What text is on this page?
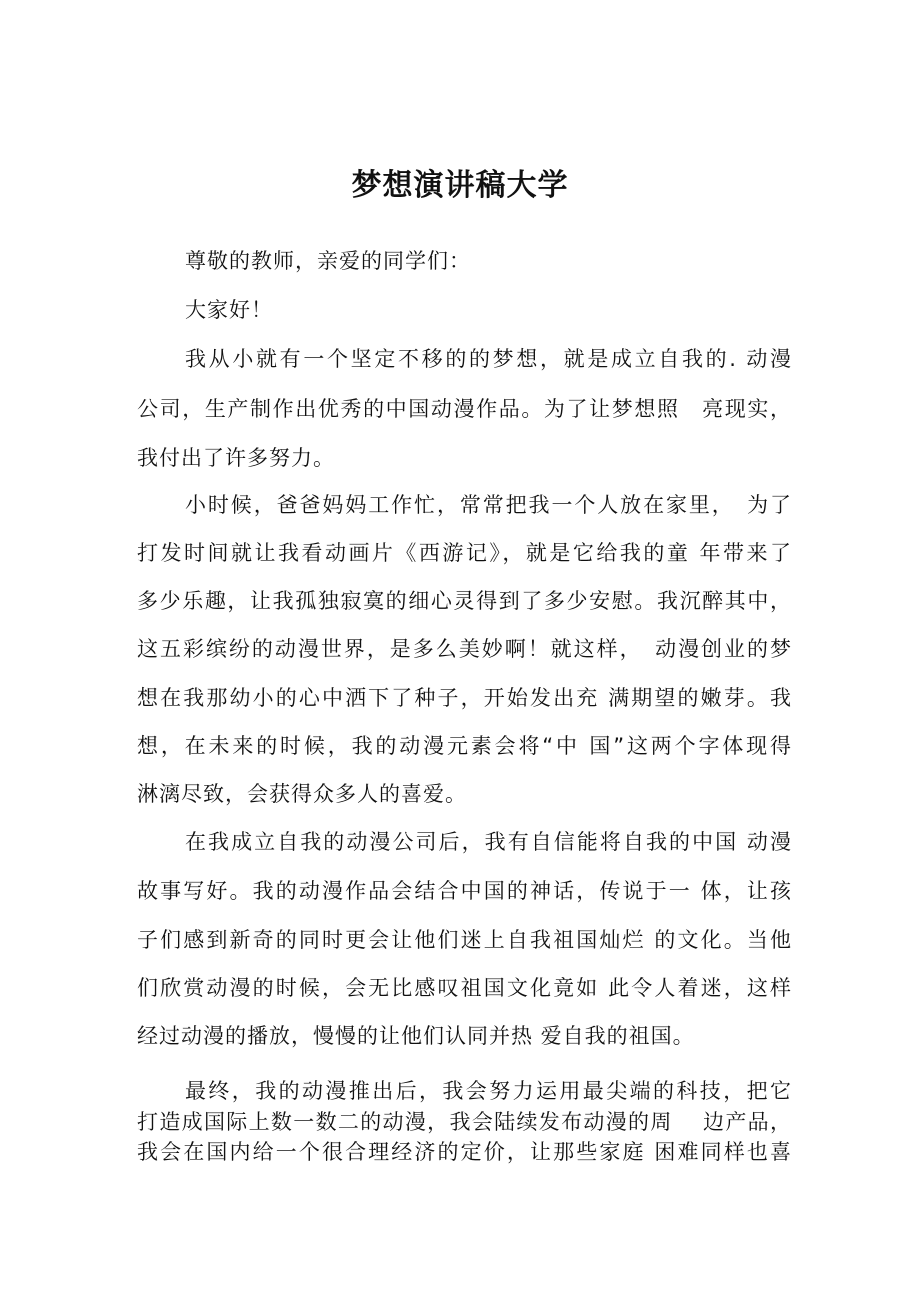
梦想演讲稿大学

尊敬的教师，亲爱的同学们：

大家好！

我从小就有一个坚定不移的的梦想，就是成立自我的. 动漫

公司，生产制作出优秀的中国动漫作品。为了让梦想照　亮现实，

我付出了许多努力。

小时候，爸爸妈妈工作忙，常常把我一个人放在家里，　为了

打发时间就让我看动画片《西游记》，就是它给我的童 年带来了

多少乐趣，让我孤独寂寞的细心灵得到了多少安慰。我沉醉其中，

这五彩缤纷的动漫世界，是多么美妙啊！就这样，　动漫创业的梦

想在我那幼小的心中洒下了种子，开始发出充 满期望的嫩芽。我

想，在未来的时候，我的动漫元素会将“中 国”这两个字体现得

淋漓尽致，会获得众多人的喜爱。

在我成立自我的动漫公司后，我有自信能将自我的中国 动漫

故事写好。我的动漫作品会结合中国的神话，传说于一 体，让孩

子们感到新奇的同时更会让他们迷上自我祖国灿烂 的文化。当他

们欣赏动漫的时候，会无比感叹祖国文化竟如 此令人着迷，这样

经过动漫的播放，慢慢的让他们认同并热 爱自我的祖国。

最终，我的动漫推出后，我会努力运用最尖端的科技，把它

打造成国际上数一数二的动漫，我会陆续发布动漫的周　 边产品，

我会在国内给一个很合理经济的定价，让那些家庭 困难同样也喜
